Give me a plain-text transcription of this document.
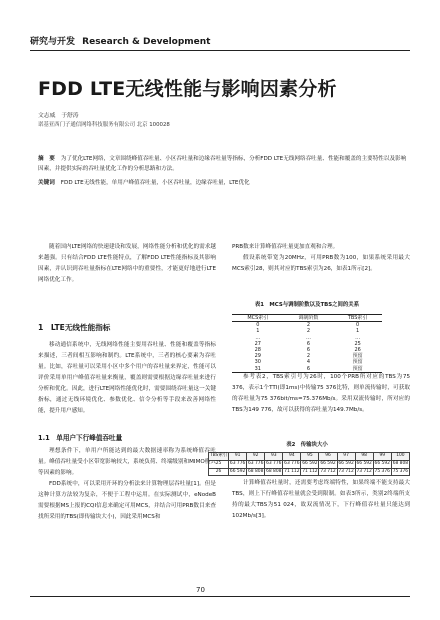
研究与开发 Research & Development
FDD LTE无线性能与影响因素分析
文志威　于舒涛
诺基亚西门子通信网络科技服务有限公司 北京 100028
摘　要 为了优化LTE网络，文章围绕峰值吞吐量、小区吞吐量和边缘吞吐量等指标，分析FDD LTE无线网络吞吐量、性能和覆盖的主要特性以及影响因素，并提供实际的吞吐量优化工作的分析思路和方法。
关键词 FDD LTE无线性能，单用户峰值吞吐量，小区吞吐量，边缘吞吐量，LTE优化

随着国内LTE网络的快速建设和发展，网络性能分析和优化的需求越来越强。只有结合FDD LTE性能特点，了解FDD LTE性能指标及其影响因素，并认识到吞吐量指标在LTE网络中的重要性，才能更好地进行LTE网络优化工作。

1　LTE无线性能指标

移动通信系统中，无线网络性能主要用吞吐量、性能和覆盖等指标来描述，三者间相互影响和制约。LTE系统中，三者的核心要素为吞吐量。比如，吞吐量可以采用小区中多个用户的吞吐量来界定，性能可以评价采用单用户峰值吞吐量来衡量，覆盖则需要根据边缘吞吐量来进行分析和优化。因此，进行LTE网络性能优化时，需要围绕吞吐量这一关键指标，通过无线环境优化、参数优化、信令分析等手段来改善网络性能，提升用户感知。

1.1　单用户下行峰值吞吐量

理想条件下，单用户所能达到的最大数据速率称为系统峰值吞吐量。峰值吞吐量受小区带宽影响较大，系统负荷、终端级别和MIMO模式等因素的影响。

FDD系统中，可以采用开环的分析法来计算物理层吞吐量[1]。但是这种计算方法较为复杂，不便于工程中运用。在实际测试中，eNodeB需要根据MS上报的CQI信息来确定可用MCS，并结合可用PRB数目来查找所采用的TBS(即传输块大小)，因此采用MCS和

PRB数来计算峰值吞吐量更加直观和合理。

假设系统带宽为20MHz，可用PRB数为100，如果系统采用最大MCS索引28，则其对应的TBS索引为26，如表1所示[2]。

表1　MCS与调制阶数以及TBS之间的关系
MCS索引	调制阶数	TBS索引
0	2	0
1	2	1
…	…	…
27	6	25
28	6	26
29	2	预留
30	4	预留
31	6	预留

参考表2，TBS索引号为26时，100个PRB所对应的TBS为75 376，表示1个TTI(即1ms)中传输75 376比特，则单流传输时，可获取的吞吐量为75 376bit/ms=75.376Mb/s。采用双流传输时，所对应的TBS为149 776，故可以获得的吞吐量为149.7Mb/s。

表2　传输块大小
TBS索引	91	92	93	94	95	96	97	98	99	100
25	63 776	63 776	63 776	63 776	66 592	66 592	66 592	66 592	66 592	68 808
26	66 592	68 808	68 808	71 112	71 112	73 712	73 712	73 712	75 376	75 376

计算峰值吞吐量时，还需要考虑终端特性，如果终端不能支持最大TBS，则上下行峰值吞吐量就会受到限制。如表3所示，类别2终端所支持的最大TBS为51 024，故双流情况下，下行峰值吞吐量只能达到102Mb/s[3]。

70
